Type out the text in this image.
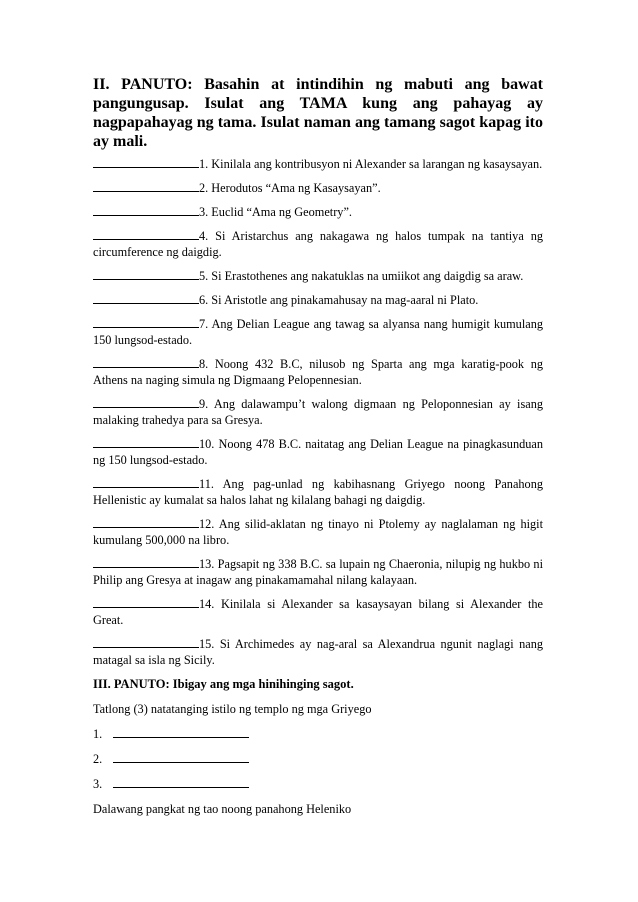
II. PANUTO: Basahin at intindihin ng mabuti ang bawat pangungusap. Isulat ang TAMA kung ang pahayag ay nagpapahayag ng tama. Isulat naman ang tamang sagot kapag ito ay mali.

1. Kinilala ang kontribusyon ni Alexander sa larangan ng kasaysayan.

2. Herodutos “Ama ng Kasaysayan”.

3. Euclid “Ama ng Geometry”.

4. Si Aristarchus ang nakagawa ng halos tumpak na tantiya ng circumference ng daigdig.

5. Si Erastothenes ang nakatuklas na umiikot ang daigdig sa araw.

6. Si Aristotle ang pinakamahusay na mag-aaral ni Plato.

7. Ang Delian League ang tawag sa alyansa nang humigit kumulang 150 lungsod-estado.

8. Noong 432 B.C, nilusob ng Sparta ang mga karatig-pook ng Athens na naging simula ng Digmaang Pelopennesian.

9. Ang dalawampu’t walong digmaan ng Peloponnesian ay isang malaking trahedya para sa Gresya.

10. Noong 478 B.C. naitatag ang Delian League na pinagkasunduan ng 150 lungsod-estado.

11. Ang pag-unlad ng kabihasnang Griyego noong Panahong Hellenistic ay kumalat sa halos lahat ng kilalang bahagi ng daigdig.

12. Ang silid-aklatan ng tinayo ni Ptolemy ay naglalaman ng higit kumulang 500,000 na libro.

13. Pagsapit ng 338 B.C. sa lupain ng Chaeronia, nilupig ng hukbo ni Philip ang Gresya at inagaw ang pinakamamahal nilang kalayaan.

14. Kinilala si Alexander sa kasaysayan bilang si Alexander the Great.

15. Si Archimedes ay nag-aral sa Alexandrua ngunit naglagi nang matagal sa isla ng Sicily.

III. PANUTO: Ibigay ang mga hinihinging sagot.

Tatlong (3) natatanging istilo ng templo ng mga Griyego

1.

2.

3.

Dalawang pangkat ng tao noong panahong Heleniko
